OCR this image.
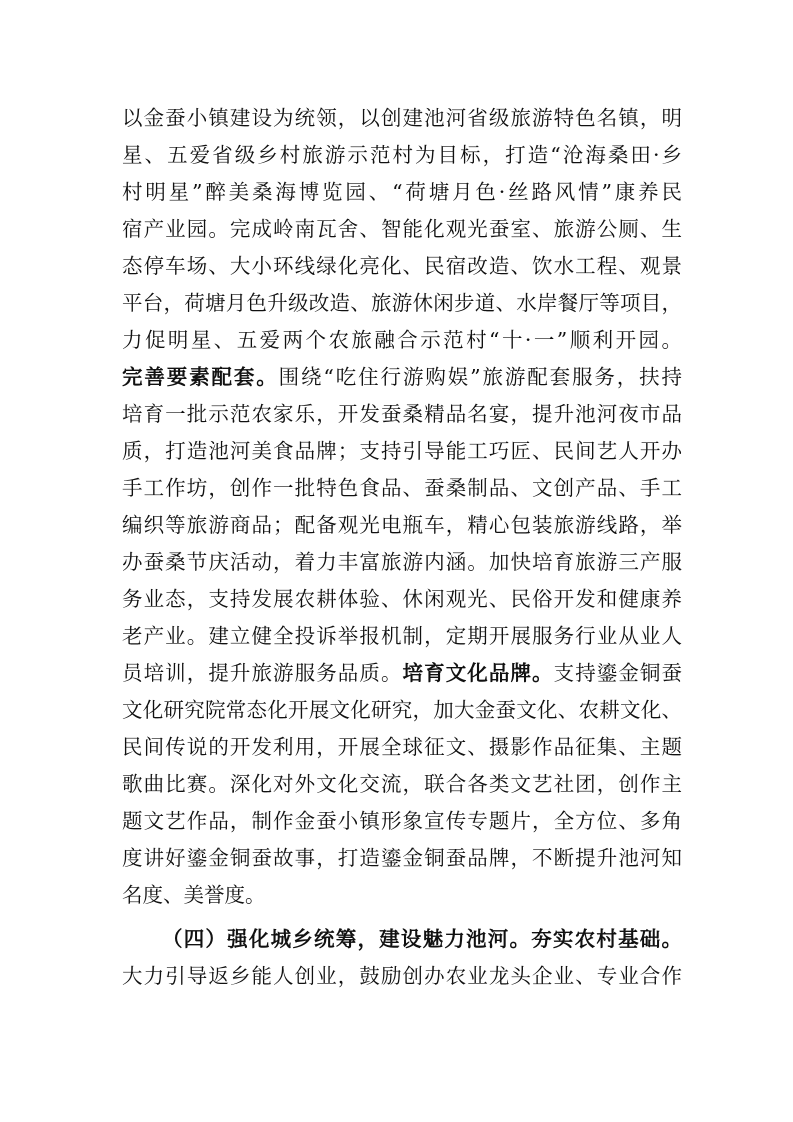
以金蚕小镇建设为统领，以创建池河省级旅游特色名镇，明
星、五爱省级乡村旅游示范村为目标，打造“沧海桑田·乡
村明星”醉美桑海博览园、“荷塘月色·丝路风情”康养民
宿产业园。完成岭南瓦舍、智能化观光蚕室、旅游公厕、生
态停车场、大小环线绿化亮化、民宿改造、饮水工程、观景
平台，荷塘月色升级改造、旅游休闲步道、水岸餐厅等项目，
力促明星、五爱两个农旅融合示范村“十·一”顺利开园。
完善要素配套。围绕“吃住行游购娱”旅游配套服务，扶持
培育一批示范农家乐，开发蚕桑精品名宴，提升池河夜市品
质，打造池河美食品牌；支持引导能工巧匠、民间艺人开办
手工作坊，创作一批特色食品、蚕桑制品、文创产品、手工
编织等旅游商品；配备观光电瓶车，精心包装旅游线路，举
办蚕桑节庆活动，着力丰富旅游内涵。加快培育旅游三产服
务业态，支持发展农耕体验、休闲观光、民俗开发和健康养
老产业。建立健全投诉举报机制，定期开展服务行业从业人
员培训，提升旅游服务品质。培育文化品牌。支持鎏金铜蚕
文化研究院常态化开展文化研究，加大金蚕文化、农耕文化、
民间传说的开发利用，开展全球征文、摄影作品征集、主题
歌曲比赛。深化对外文化交流，联合各类文艺社团，创作主
题文艺作品，制作金蚕小镇形象宣传专题片，全方位、多角
度讲好鎏金铜蚕故事，打造鎏金铜蚕品牌，不断提升池河知
名度、美誉度。
（四）强化城乡统筹，建设魅力池河。夯实农村基础。
大力引导返乡能人创业，鼓励创办农业龙头企业、专业合作
